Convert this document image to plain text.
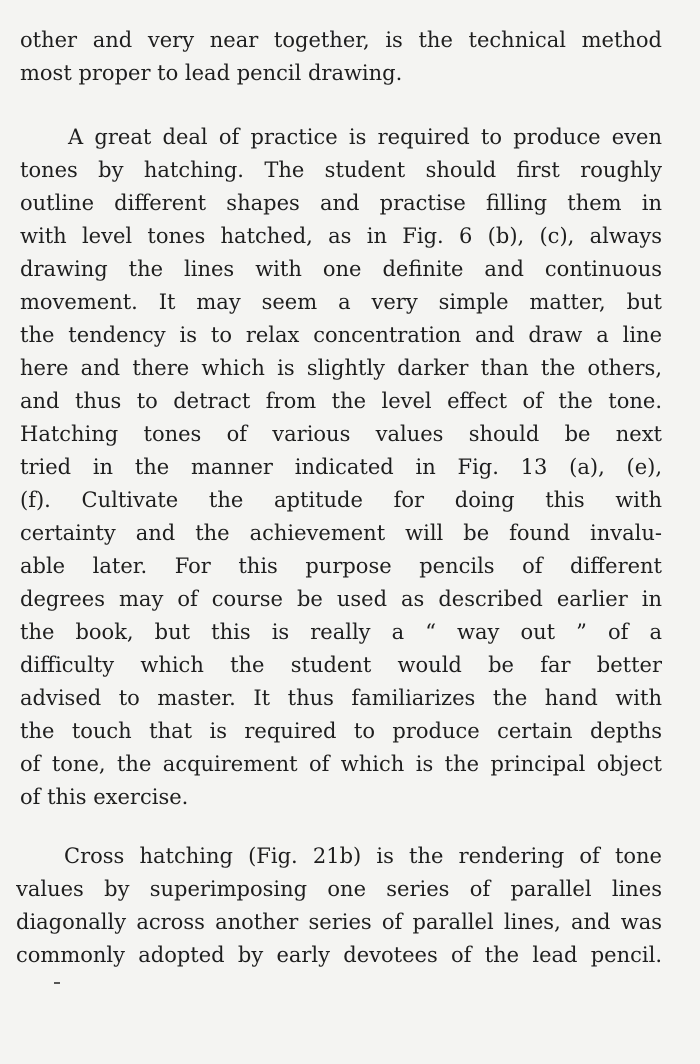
other and very near together, is the technical method
most proper to lead pencil drawing.
A great deal of practice is required to produce even
tones by hatching. The student should first roughly
outline different shapes and practise filling them in
with level tones hatched, as in Fig. 6 (b), (c), always
drawing the lines with one definite and continuous
movement. It may seem a very simple matter, but
the tendency is to relax concentration and draw a line
here and there which is slightly darker than the others,
and thus to detract from the level effect of the tone.
Hatching tones of various values should be next
tried in the manner indicated in Fig. 13 (a), (e),
(f). Cultivate the aptitude for doing this with
certainty and the achievement will be found invalu-
able later. For this purpose pencils of different
degrees may of course be used as described earlier in
the book, but this is really a “ way out ” of a
difficulty which the student would be far better
advised to master. It thus familiarizes the hand with
the touch that is required to produce certain depths
of tone, the acquirement of which is the principal object
of this exercise.
Cross hatching (Fig. 21b) is the rendering of tone
values by superimposing one series of parallel lines
diagonally across another series of parallel lines, and was
commonly adopted by early devotees of the lead pencil.
